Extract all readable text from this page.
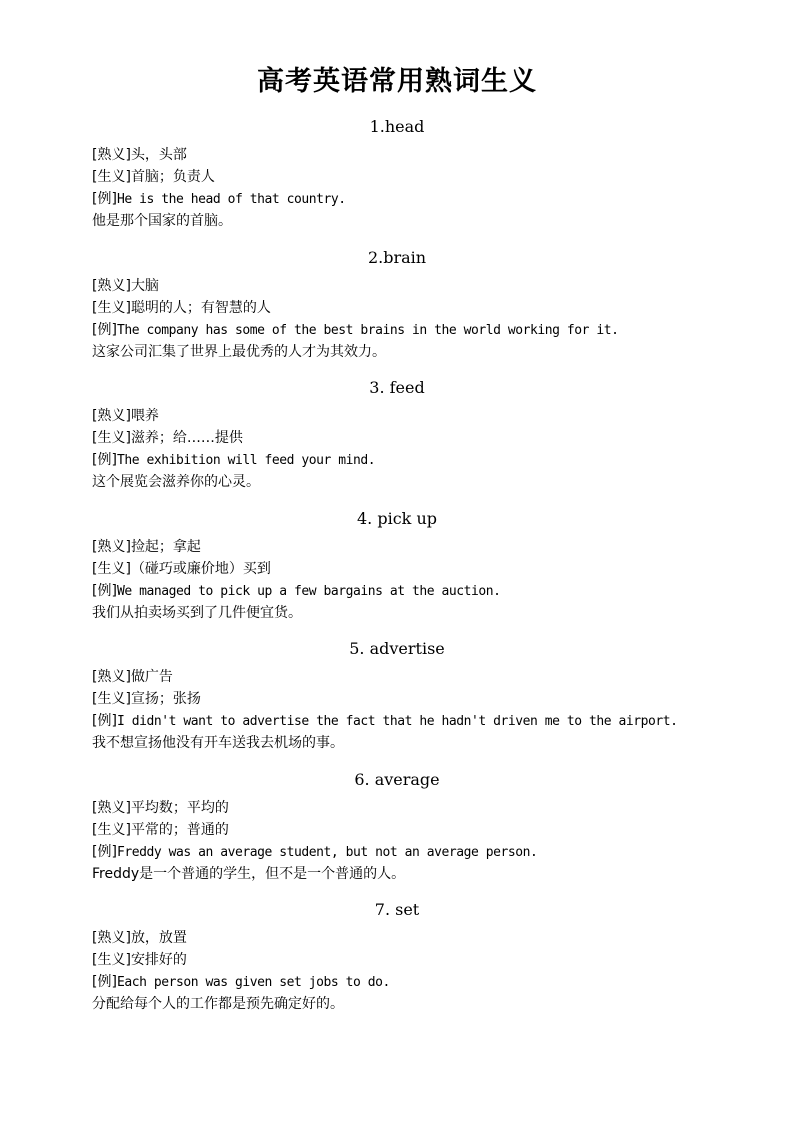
高考英语常用熟词生义
1.head
[熟义]头，头部
[生义]首脑；负责人
[例]He is the head of that country.
他是那个国家的首脑。
2.brain
[熟义]大脑
[生义]聪明的人；有智慧的人
[例]The company has some of the best brains in the world working for it.
这家公司汇集了世界上最优秀的人才为其效力。
3. feed
[熟义]喂养
[生义]滋养；给……提供
[例]The exhibition will feed your mind.
这个展览会滋养你的心灵。
4. pick up
[熟义]捡起；拿起
[生义]（碰巧或廉价地）买到
[例]We managed to pick up a few bargains at the auction.
我们从拍卖场买到了几件便宜货。
5. advertise
[熟义]做广告
[生义]宣扬；张扬
[例]I didn't want to advertise the fact that he hadn't driven me to the airport.
我不想宣扬他没有开车送我去机场的事。
6. average
[熟义]平均数；平均的
[生义]平常的；普通的
[例]Freddy was an average student, but not an average person.
Freddy是一个普通的学生，但不是一个普通的人。
7. set
[熟义]放，放置
[生义]安排好的
[例]Each person was given set jobs to do.
分配给每个人的工作都是预先确定好的。
